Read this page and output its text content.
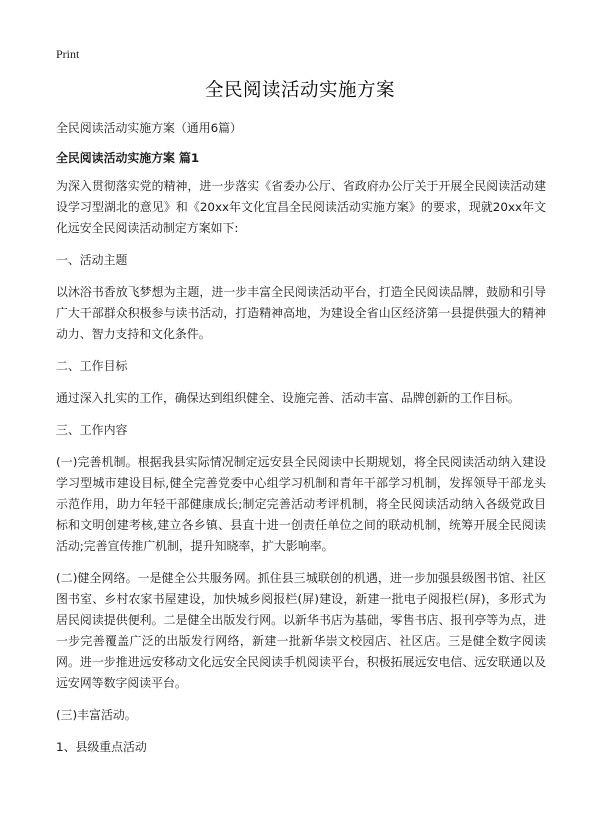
Print
全民阅读活动实施方案

全民阅读活动实施方案（通用6篇）

全民阅读活动实施方案 篇1

为深入贯彻落实党的精神，进一步落实《省委办公厅、省政府办公厅关于开展全民阅读活动建设学习型湖北的意见》和《20xx年文化宜昌全民阅读活动实施方案》的要求，现就20xx年文化远安全民阅读活动制定方案如下:

一、活动主题

以沐浴书香放飞梦想为主题，进一步丰富全民阅读活动平台，打造全民阅读品牌，鼓励和引导广大干部群众积极参与读书活动，打造精神高地，为建设全省山区经济第一县提供强大的精神动力、智力支持和文化条件。

二、工作目标

通过深入扎实的工作，确保达到组织健全、设施完善、活动丰富、品牌创新的工作目标。

三、工作内容

(一)完善机制。根据我县实际情况制定远安县全民阅读中长期规划，将全民阅读活动纳入建设学习型城市建设目标,健全完善党委中心组学习机制和青年干部学习机制，发挥领导干部龙头示范作用，助力年轻干部健康成长;制定完善活动考评机制，将全民阅读活动纳入各级党政目标和文明创建考核,建立各乡镇、县直十进一创责任单位之间的联动机制，统筹开展全民阅读活动;完善宣传推广机制，提升知晓率，扩大影响率。

(二)健全网络。一是健全公共服务网。抓住县三城联创的机遇，进一步加强县级图书馆、社区图书室、乡村农家书屋建设，加快城乡阅报栏(屏)建设，新建一批电子阅报栏(屏)，多形式为居民阅读提供便利。二是健全出版发行网。以新华书店为基础，零售书店、报刊亭等为点，进一步完善覆盖广泛的出版发行网络，新建一批新华崇文校园店、社区店。三是健全数字阅读网。进一步推进远安移动文化远安全民阅读手机阅读平台，积极拓展远安电信、远安联通以及远安网等数字阅读平台。

(三)丰富活动。

1、县级重点活动
